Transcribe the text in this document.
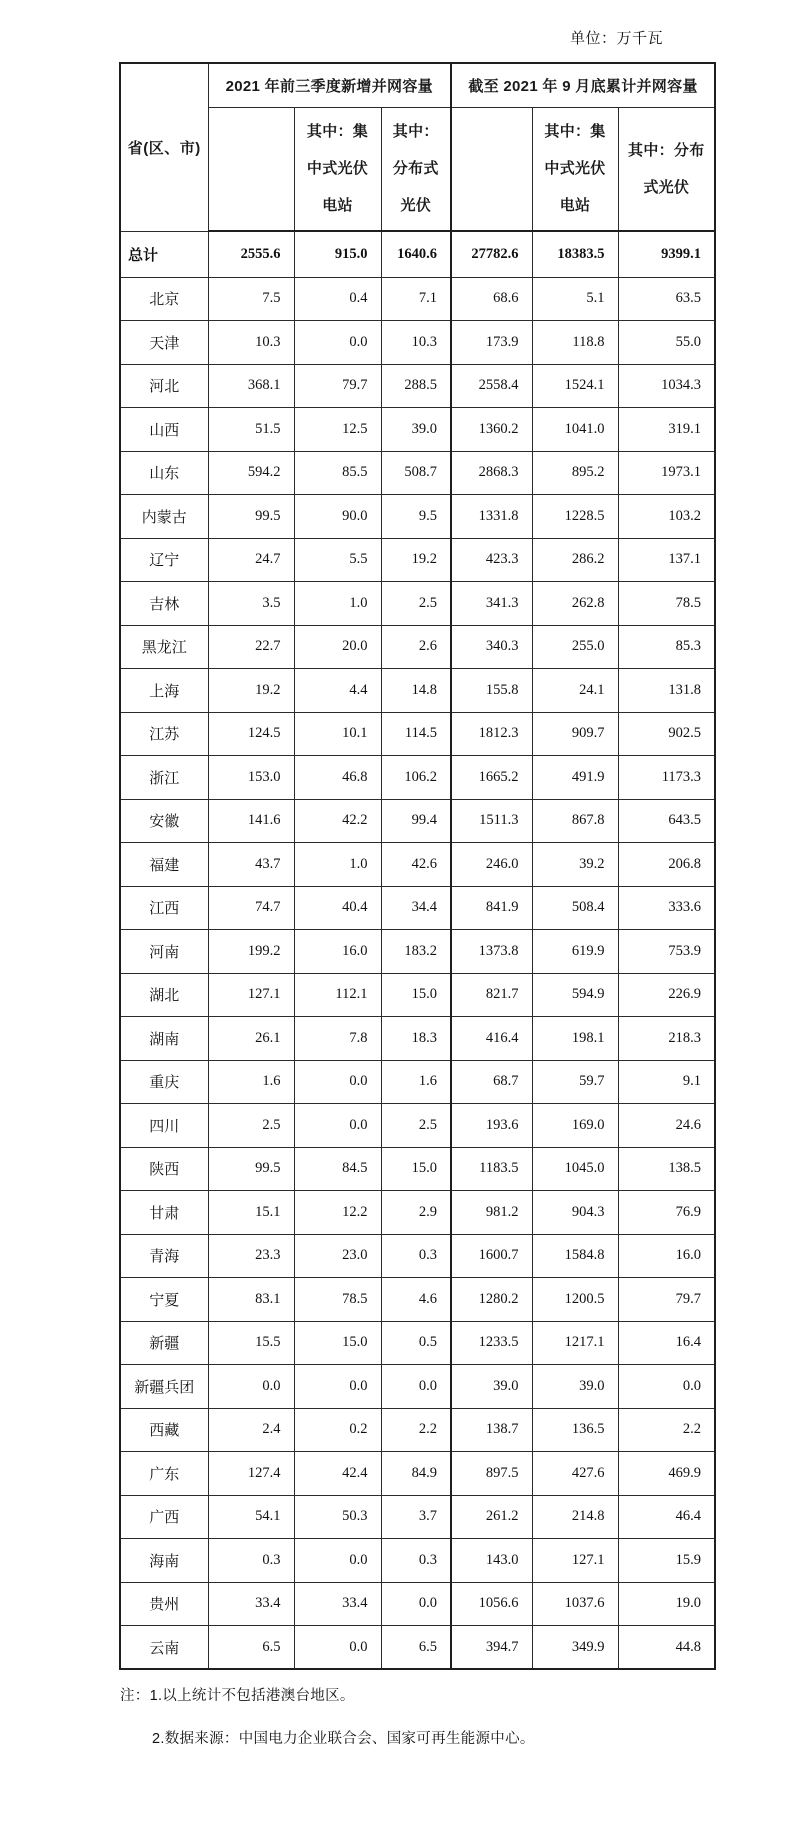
单位：万千瓦
省(区、市)	2021 年前三季度新增并网容量			截至 2021 年 9 月底累计并网容量		
		其中：集中式光伏电站	其中：分布式光伏		其中：集中式光伏电站	其中：分布式光伏
总计	2555.6	915.0	1640.6	27782.6	18383.5	9399.1
北京	7.5	0.4	7.1	68.6	5.1	63.5
天津	10.3	0.0	10.3	173.9	118.8	55.0
河北	368.1	79.7	288.5	2558.4	1524.1	1034.3
山西	51.5	12.5	39.0	1360.2	1041.0	319.1
山东	594.2	85.5	508.7	2868.3	895.2	1973.1
内蒙古	99.5	90.0	9.5	1331.8	1228.5	103.2
辽宁	24.7	5.5	19.2	423.3	286.2	137.1
吉林	3.5	1.0	2.5	341.3	262.8	78.5
黑龙江	22.7	20.0	2.6	340.3	255.0	85.3
上海	19.2	4.4	14.8	155.8	24.1	131.8
江苏	124.5	10.1	114.5	1812.3	909.7	902.5
浙江	153.0	46.8	106.2	1665.2	491.9	1173.3
安徽	141.6	42.2	99.4	1511.3	867.8	643.5
福建	43.7	1.0	42.6	246.0	39.2	206.8
江西	74.7	40.4	34.4	841.9	508.4	333.6
河南	199.2	16.0	183.2	1373.8	619.9	753.9
湖北	127.1	112.1	15.0	821.7	594.9	226.9
湖南	26.1	7.8	18.3	416.4	198.1	218.3
重庆	1.6	0.0	1.6	68.7	59.7	9.1
四川	2.5	0.0	2.5	193.6	169.0	24.6
陕西	99.5	84.5	15.0	1183.5	1045.0	138.5
甘肃	15.1	12.2	2.9	981.2	904.3	76.9
青海	23.3	23.0	0.3	1600.7	1584.8	16.0
宁夏	83.1	78.5	4.6	1280.2	1200.5	79.7
新疆	15.5	15.0	0.5	1233.5	1217.1	16.4
新疆兵团	0.0	0.0	0.0	39.0	39.0	0.0
西藏	2.4	0.2	2.2	138.7	136.5	2.2
广东	127.4	42.4	84.9	897.5	427.6	469.9
广西	54.1	50.3	3.7	261.2	214.8	46.4
海南	0.3	0.0	0.3	143.0	127.1	15.9
贵州	33.4	33.4	0.0	1056.6	1037.6	19.0
云南	6.5	0.0	6.5	394.7	349.9	44.8
注：1.以上统计不包括港澳台地区。
2.数据来源：中国电力企业联合会、国家可再生能源中心。
